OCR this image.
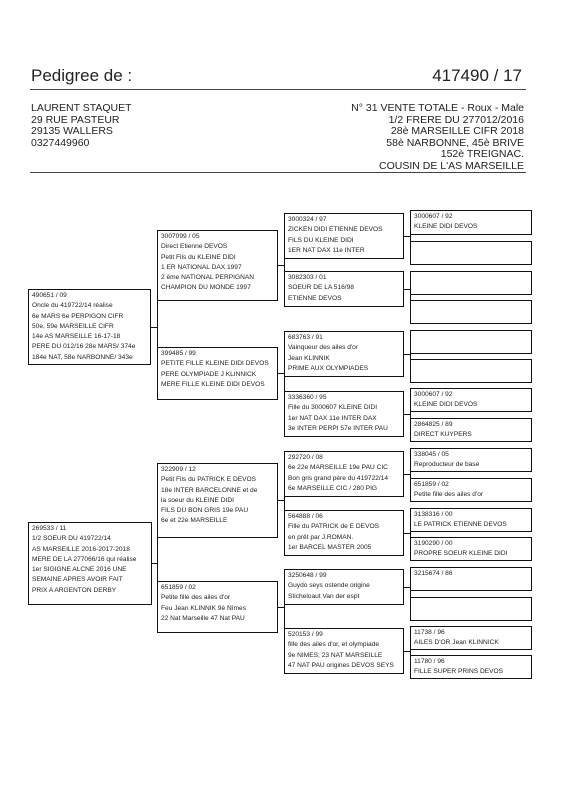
Pedigree de :	417490 / 17
LAURENT STAQUET
29 RUE PASTEUR
29135 WALLERS
0327449960
N° 31 VENTE TOTALE - Roux - Male
1/2 FRERE DU 277012/2016
28è MARSEILLE CIFR 2018
58è NARBONNE, 45è BRIVE
152è TREIGNAC.
COUSIN DE L'AS MARSEILLE
490651 / 09
Oncle du 419722/14 réalise
6e MARS 6e PERPIGON CIFR
50e, 59e MARSEILLE CIFR
14e AS MARSEILLE 16-17-18
PERE DU 012/16 28e MARS/ 374e
184e NAT, 58e NARBONNE/ 343e
269533 / 11
1/2 SOEUR DU 419722/14
AS MARSEILLE 2016-2017-2018
MERE DE LA 277066/16 qui réalise
1er SIGIGNE ALCNE 2016 UNE
SEMAINE APRES AVOIR FAIT
PRIX A ARGENTON DERBY
3007099 / 05
Direct Etienne DEVOS
Petit Fils du KLEINE DIDI
1 ER NATIONAL DAX 1997
2 ème NATIONAL PERPIGNAN
CHAMPION DU MONDE 1997
399485 / 99
PETITE FILLE KLEINE DIDI DEVOS
PERE OLYMPIADE J KLINNICK
MERE FILLE KLEINE DIDI DEVOS
322909 / 12
Petit Fils du PATRICK E DEVOS
18e INTER BARCELONNE et de
la soeur du KLEINE DIDI
FILS DU BON GRIS 19e PAU
6e et 22e MARSEILLE
651859 / 02
Petite fille des ailes d'or
Feu Jean KLINNIK 9è Nîmes
22 Nat Marseille 47 Nat PAU
3000324 / 97
ZICKEN DIDI ETIENNE DEVOS
FILS DU KLEINE DIDI
1ER NAT DAX 11e INTER
3082303 / 01
SOEUR DE LA 516/98
ETIENNE DEVOS
683763 / 91
Vainqueur des ailes d'or
Jean KLINNIK
PRIME AUX OLYMPIADES
3336360 / 95
Fille du 3000607 KLEINE DIDI
1er NAT DAX 11e INTER DAX
3e INTER PERPI 57e INTER PAU
292720 / 08
6e 22e MARSEILLE 19e PAU CIC
Bon gris grand père du 419722/14
6e MARSEILLE CIC / 280 PIG
564888 / 06
Fille du PATRICK de E DEVOS
en prêt par J.ROMAN.
1er BARCEL MASTER 2005
3250648 / 99
Guydo seys ostende origine
Sticheloaut Van der espt
520153 / 99
fille des ailes d'or, et olympiade
9e NIMES; 23 NAT MARSEILLE
47 NAT PAU origines DEVOS SEYS
3000607 / 92
KLEINE DIDI DEVOS
3000607 / 92
KLEINE DIDI DEVOS
2864825 / 89
DIRECT KUYPERS
338045 / 05
Reproducteur de base
651859 / 02
Petite fille des ailes d'or
3138316 / 00
LE PATRICK ETIENNE DEVOS
3190290 / 00
PROPRE SOEUR KLEINE DIDI
3215674 / 86
11738 / 96
AILES D'OR Jean KLINNICK
11780 / 96
FILLE SUPER PRINS DEVOS
